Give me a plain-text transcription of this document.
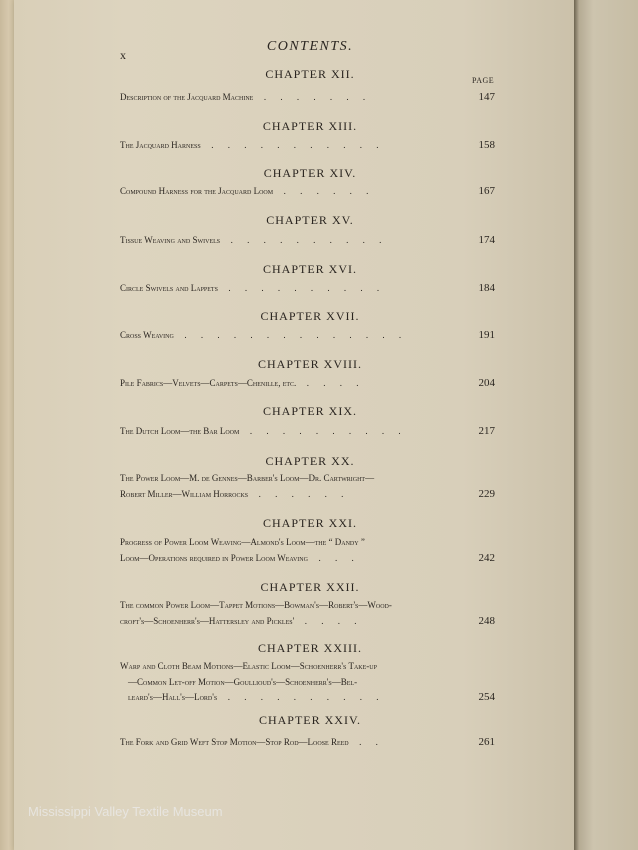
x
CONTENTS.
PAGE
CHAPTER XII.
Description of the Jacquard Machine  . . . . . . .	147
CHAPTER XIII.
The Jacquard Harness  . . . . . . . . . . .	158
CHAPTER XIV.
Compound Harness for the Jacquard Loom  . . . . . .	167
CHAPTER XV.
Tissue Weaving and Swivels  . . . . . . . . . .	174
CHAPTER XVI.
Circle Swivels and Lappets  . . . . . . . . . .	184
CHAPTER XVII.
Cross Weaving  . . . . . . . . . . . . . .	191
CHAPTER XVIII.
Pile Fabrics—Velvets—Carpets—Chenille, etc.  . . . .	204
CHAPTER XIX.
The Dutch Loom—the Bar Loom  . . . . . . . . . .	217
CHAPTER XX.
The Power Loom—M. de Gennes—Barber's Loom—Dr. Cartwright—
Robert Miller—William Horrocks  . . . . . .	229
CHAPTER XXI.
Progress of Power Loom Weaving—Almond's Loom—the “ Dandy ”
Loom—Operations required in Power Loom Weaving  . . .	242
CHAPTER XXII.
The common Power Loom—Tappet Motions—Bowman's—Robert's—Wood-
croft's—Schoenherr's—Hattersley and Pickles'  . . . .	248
CHAPTER XXIII.
Warp and Cloth Beam Motions—Elastic Loom—Schoenherr's Take-up
—Common Let-off Motion—Goullioud's—Schoenherr's—Bel-
leard's—Hall's—Lord's  . . . . . . . . . .	254
CHAPTER XXIV.
The Fork and Grid Weft Stop Motion—Stop Rod—Loose Reed  . .	261
Mississippi Valley Textile Museum
